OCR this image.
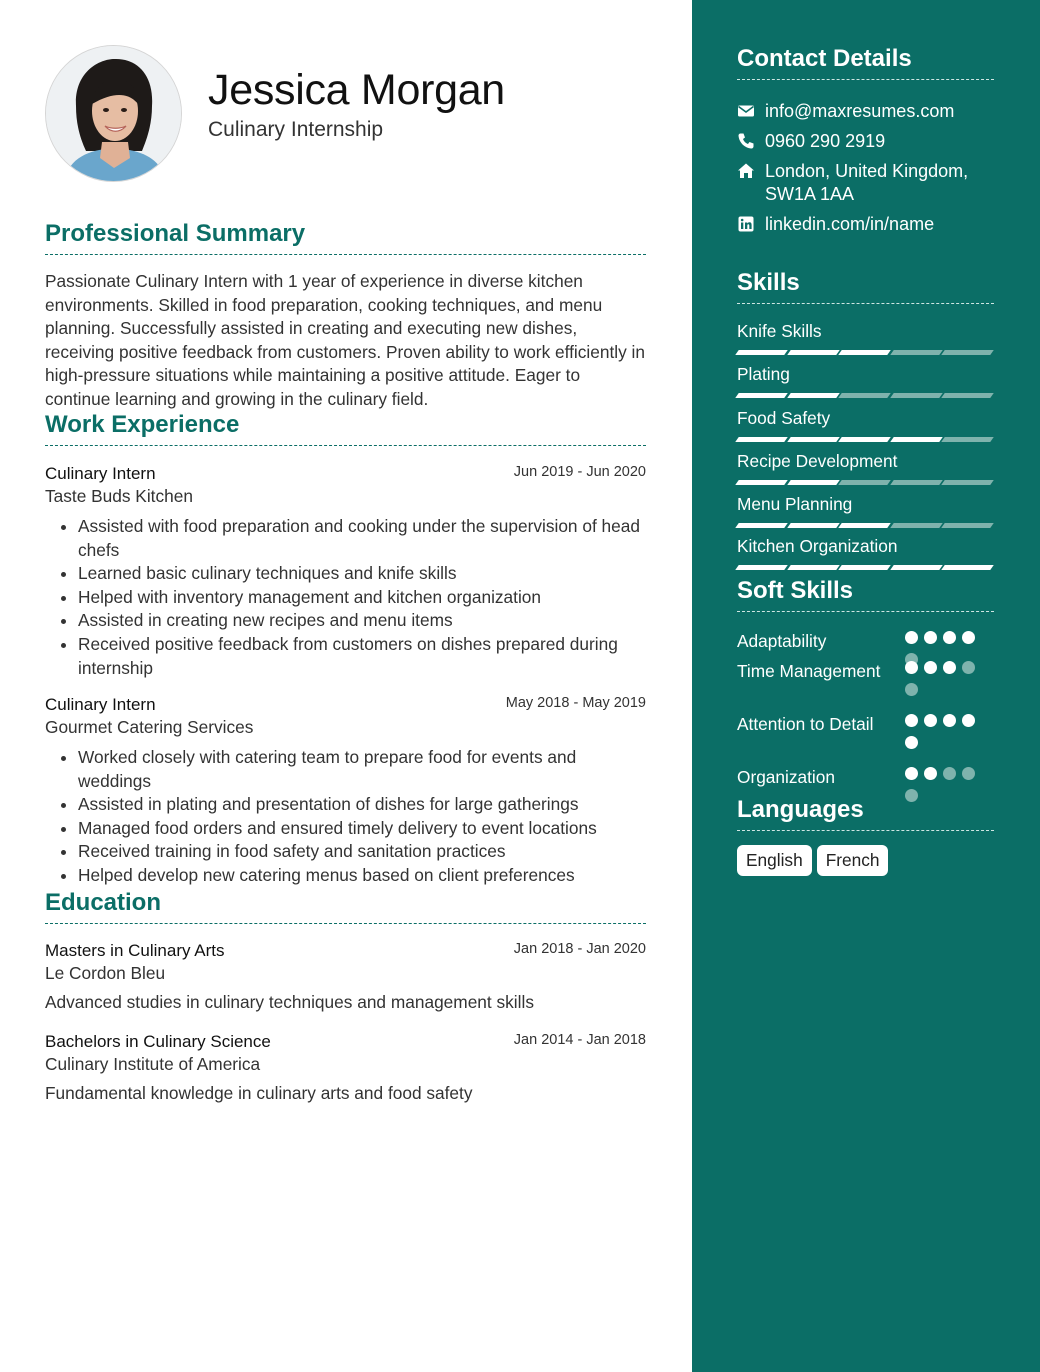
Jessica Morgan
Culinary Internship
Professional Summary
Passionate Culinary Intern with 1 year of experience in diverse kitchen environments. Skilled in food preparation, cooking techniques, and menu planning. Successfully assisted in creating and executing new dishes, receiving positive feedback from customers. Proven ability to work efficiently in high-pressure situations while maintaining a positive attitude. Eager to continue learning and growing in the culinary field.
Work Experience
Culinary Intern	Jun 2019 - Jun 2020
Taste Buds Kitchen
• Assisted with food preparation and cooking under the supervision of head chefs
• Learned basic culinary techniques and knife skills
• Helped with inventory management and kitchen organization
• Assisted in creating new recipes and menu items
• Received positive feedback from customers on dishes prepared during internship
Culinary Intern	May 2018 - May 2019
Gourmet Catering Services
• Worked closely with catering team to prepare food for events and weddings
• Assisted in plating and presentation of dishes for large gatherings
• Managed food orders and ensured timely delivery to event locations
• Received training in food safety and sanitation practices
• Helped develop new catering menus based on client preferences
Education
Masters in Culinary Arts	Jan 2018 - Jan 2020
Le Cordon Bleu
Advanced studies in culinary techniques and management skills
Bachelors in Culinary Science	Jan 2014 - Jan 2018
Culinary Institute of America
Fundamental knowledge in culinary arts and food safety
Contact Details
info@maxresumes.com
0960 290 2919
London, United Kingdom, SW1A 1AA
linkedin.com/in/name
Skills
Knife Skills
Plating
Food Safety
Recipe Development
Menu Planning
Kitchen Organization
Soft Skills
Adaptability
Time Management
Attention to Detail
Organization
Languages
English	French
